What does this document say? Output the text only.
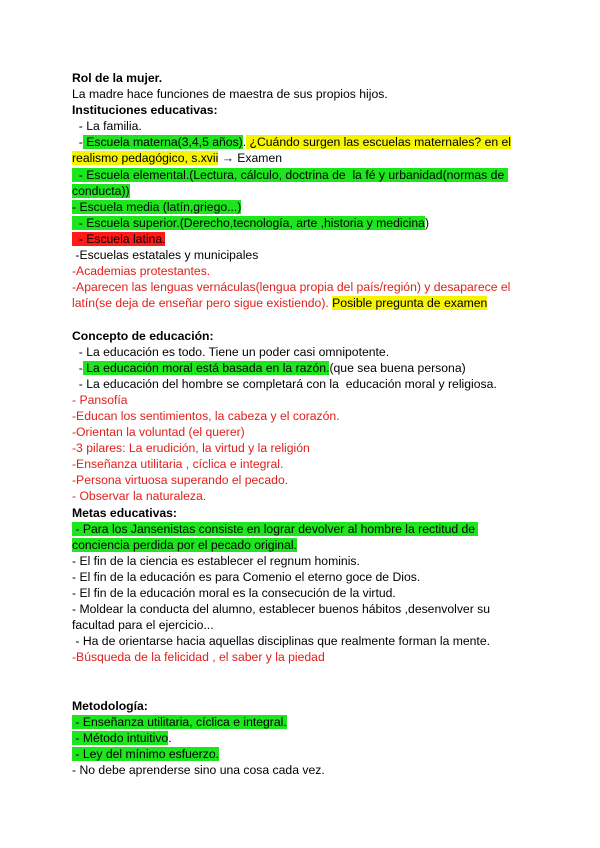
Rol de la mujer.
La madre hace funciones de maestra de sus propios hijos.
Instituciones educativas:
- La familia.
- Escuela materna(3,4,5 años). ¿Cuándo surgen las escuelas maternales? en el
realismo pedagógico, s.xvii → Examen
- Escuela elemental.(Lectura, cálculo, doctrina de  la fé y urbanidad(normas de conducta))
- Escuela media (latín,griego...)
- Escuela superior.(Derecho,tecnología, arte ,historia y medicina)
- Escuela latina.
-Escuelas estatales y municipales
-Academias protestantes.
-Aparecen las lenguas vernáculas(lengua propia del país/región) y desaparece el latín(se deja de enseñar pero sigue existiendo). Posible pregunta de examen
Concepto de educación:
- La educación es todo. Tiene un poder casi omnipotente.
- La educación moral está basada en la razón.(que sea buena persona)
- La educación del hombre se completará con la  educación moral y religiosa.
- Pansofía
-Educan los sentimientos, la cabeza y el corazón.
-Orientan la voluntad (el querer)
-3 pilares: La erudición, la virtud y la religión
-Enseñanza utilitaria , cíclica e integral.
-Persona virtuosa superando el pecado.
- Observar la naturaleza.
Metas educativas:
- Para los Jansenistas consiste en lograr devolver al hombre la rectitud de conciencia perdida por el pecado original.
- El fin de la ciencia es establecer el regnum hominis.
- El fin de la educación es para Comenio el eterno goce de Dios.
- El fin de la educación moral es la consecución de la virtud.
- Moldear la conducta del alumno, establecer buenos hábitos ,desenvolver su facultad para el ejercicio...
- Ha de orientarse hacia aquellas disciplinas que realmente forman la mente.
-Búsqueda de la felicidad , el saber y la piedad
Metodología:
- Enseñanza utilitaria, cíclica e integral.
- Método intuitivo.
- Ley del mínimo esfuerzo.
- No debe aprenderse sino una cosa cada vez.
